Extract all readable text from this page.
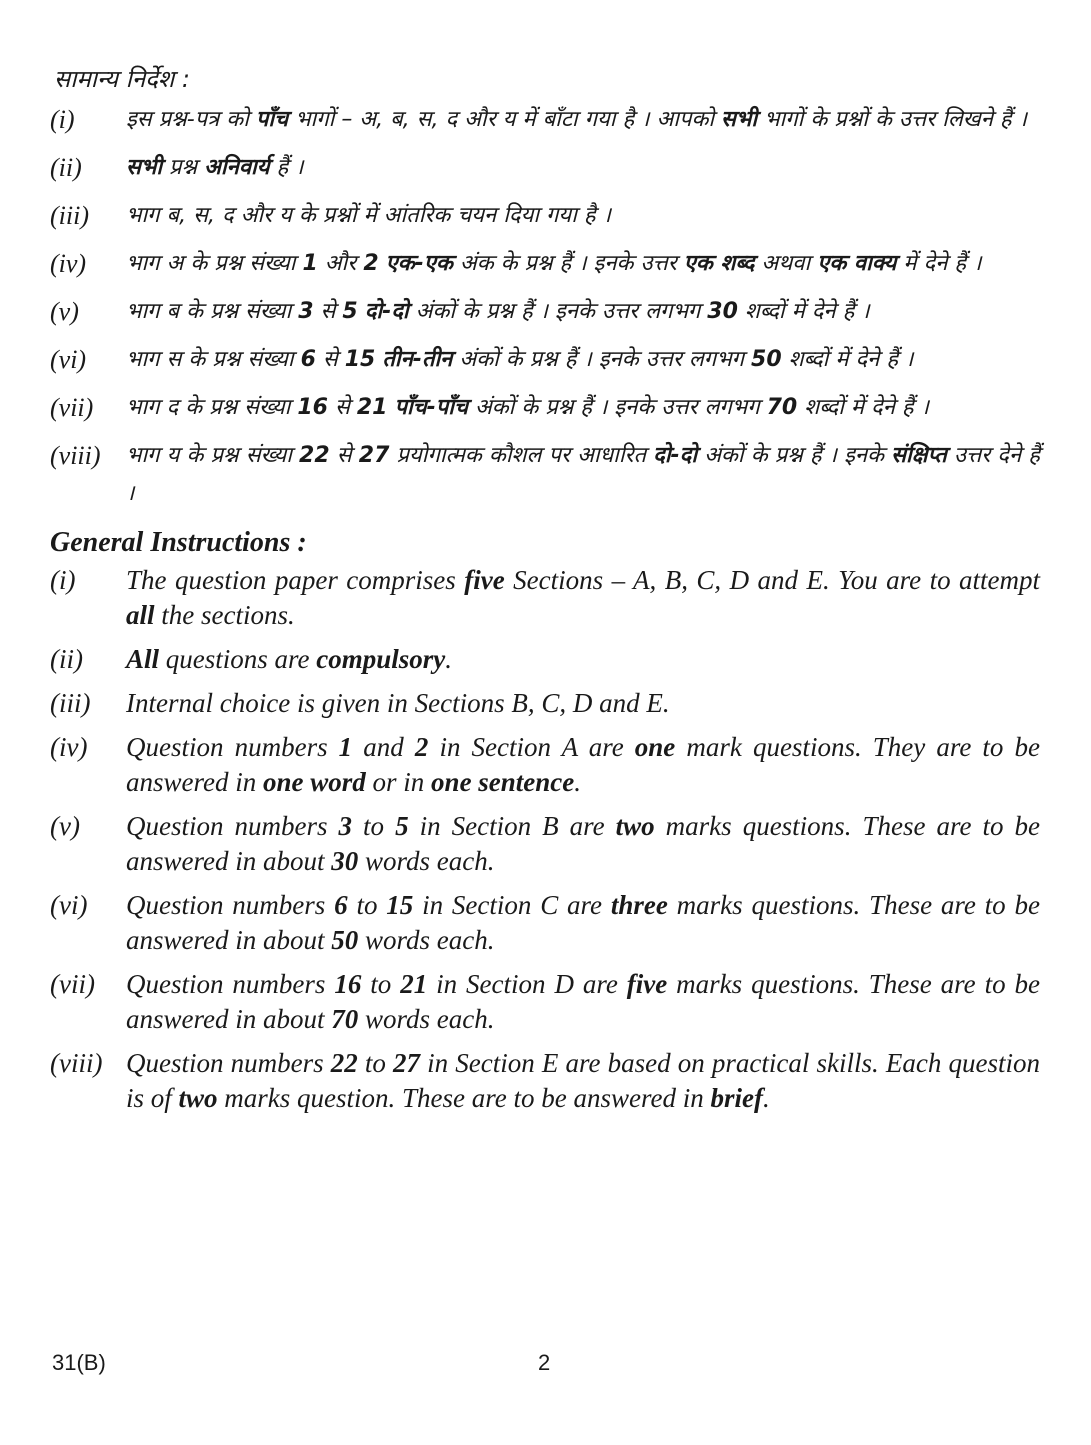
सामान्य निर्देश :
(i)	इस प्रश्न-पत्र को पाँच भागों – अ, ब, स, द और य में बाँटा गया है । आपको सभी भागों के प्रश्नों के उत्तर लिखने हैं ।
(ii)	सभी प्रश्न अनिवार्य हैं ।
(iii)	भाग ब, स, द और य के प्रश्नों में आंतरिक चयन दिया गया है ।
(iv)	भाग अ के प्रश्न संख्या 1 और 2 एक-एक अंक के प्रश्न हैं । इनके उत्तर एक शब्द अथवा एक वाक्य में देने हैं ।
(v)	भाग ब के प्रश्न संख्या 3 से 5 दो-दो अंकों के प्रश्न हैं । इनके उत्तर लगभग 30 शब्दों में देने हैं ।
(vi)	भाग स के प्रश्न संख्या 6 से 15 तीन-तीन अंकों के प्रश्न हैं । इनके उत्तर लगभग 50 शब्दों में देने हैं ।
(vii)	भाग द के प्रश्न संख्या 16 से 21 पाँच-पाँच अंकों के प्रश्न हैं । इनके उत्तर लगभग 70 शब्दों में देने हैं ।
(viii)	भाग य के प्रश्न संख्या 22 से 27 प्रयोगात्मक कौशल पर आधारित दो-दो अंकों के प्रश्न हैं । इनके संक्षिप्त उत्तर देने हैं ।
General Instructions :
(i)	The question paper comprises five Sections – A, B, C, D and E. You are to attempt all the sections.
(ii)	All questions are compulsory.
(iii)	Internal choice is given in Sections B, C, D and E.
(iv)	Question numbers 1 and 2 in Section A are one mark questions. They are to be answered in one word or in one sentence.
(v)	Question numbers 3 to 5 in Section B are two marks questions. These are to be answered in about 30 words each.
(vi)	Question numbers 6 to 15 in Section C are three marks questions. These are to be answered in about 50 words each.
(vii)	Question numbers 16 to 21 in Section D are five marks questions. These are to be answered in about 70 words each.
(viii) Question numbers 22 to 27 in Section E are based on practical skills. Each question is of two marks question. These are to be answered in brief.
31(B)	2
